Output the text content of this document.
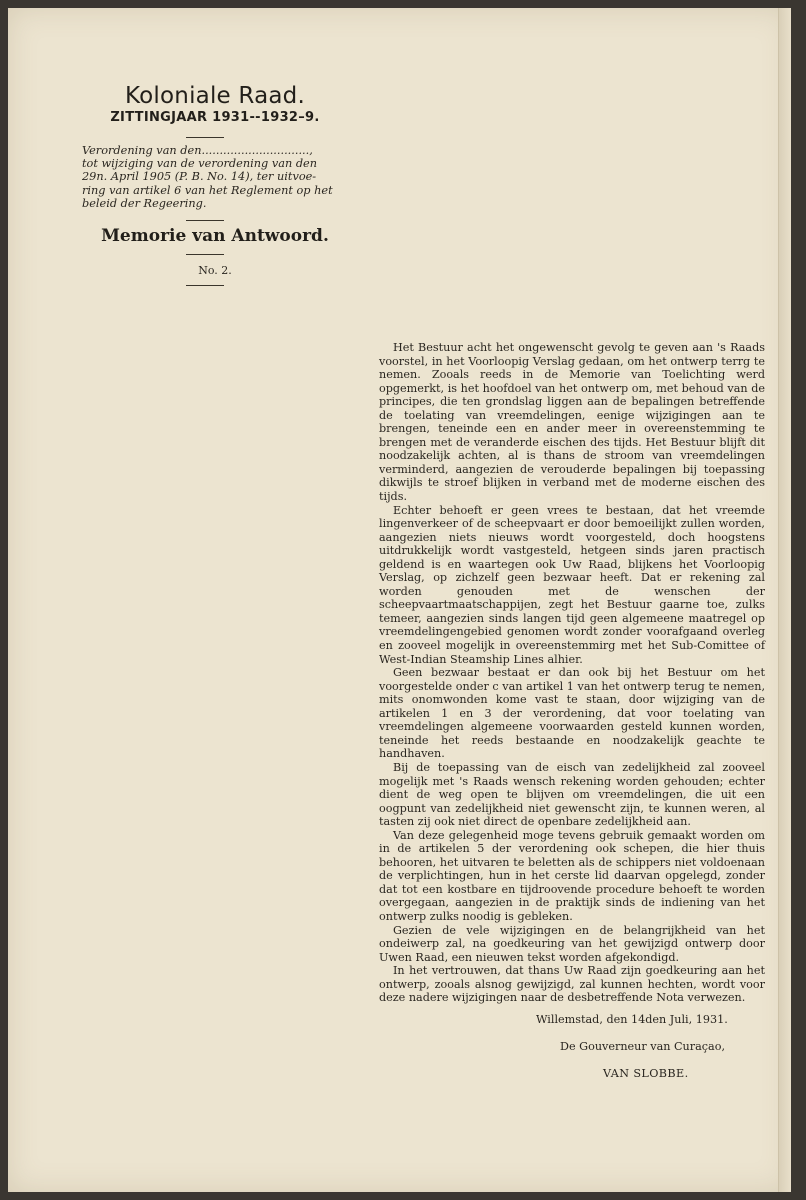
Koloniale Raad.
ZITTINGJAAR 1931--1932–9.
Verordening van den..............................,
tot wijziging van de verordening van den
29n. April 1905 (P. B. No. 14), ter uitvoe-
ring van artikel 6 van het Reglement op het
beleid der Regeering.
Memorie van Antwoord.
No. 2.

Het Bestuur acht het ongewenscht gevolg te geven aan 's Raads voorstel, in het Voorloopig Verslag gedaan, om het ontwerp terrg te nemen. Zooals reeds in de Memorie van Toelichting werd opgemerkt, is het hoofdoel van het ontwerp om, met behoud van de principes, die ten grondslag liggen aan de bepalingen betreffende de toelating van vreemdelingen, eenige wijzigingen aan te brengen, teneinde een en ander meer in overeenstemming te brengen met de veranderde eischen des tijds. Het Bestuur blijft dit noodzakelijk achten, al is thans de stroom van vreemdelingen verminderd, aangezien de verouderde bepalingen bij toepassing dikwijls te stroef blijken in verband met de moderne eischen des tijds.

Echter behoeft er geen vrees te bestaan, dat het vreemde lingenverkeer of de scheepvaart er door bemoeilijkt zullen worden, aangezien niets nieuws wordt voorgesteld, doch hoogstens uitdrukkelijk wordt vastgesteld, hetgeen sinds jaren practisch geldend is en waartegen ook Uw Raad, blijkens het Voorloopig Verslag, op zichzelf geen bezwaar heeft. Dat er rekening zal worden genouden met de wenschen der scheepvaartmaatschappijen, zegt het Bestuur gaarne toe, zulks temeer, aangezien sinds langen tijd geen algemeene maatregel op vreemdelingengebied genomen wordt zonder voorafgaand overleg en zooveel mogelijk in overeenstemmirg met het Sub-Comittee of West-Indian Steamship Lines alhier.

Geen bezwaar bestaat er dan ook bij het Bestuur om het voorgestelde onder c van artikel 1 van het ontwerp terug te nemen, mits onomwonden kome vast te staan, door wijziging van de artikelen 1 en 3 der verordening, dat voor toelating van vreemdelingen algemeene voorwaarden gesteld kunnen worden, teneinde het reeds bestaande en noodzakelijk geachte te handhaven.

Bij de toepassing van de eisch van zedelijkheid zal zooveel mogelijk met 's Raads wensch rekening worden gehouden; echter dient de weg open te blijven om vreemdelingen, die uit een oogpunt van zedelijkheid niet gewenscht zijn, te kunnen weren, al tasten zij ook niet direct de openbare zedelijkheid aan.

Van deze gelegenheid moge tevens gebruik gemaakt worden om in de artikelen 5 der verordening ook schepen, die hier thuis behooren, het uitvaren te beletten als de schippers niet voldoenaan de verplichtingen, hun in het cerste lid daarvan opgelegd, zonder dat tot een kostbare en tijdroovende procedure behoeft te worden overgegaan, aangezien in de praktijk sinds de indiening van het ontwerp zulks noodig is gebleken.

Gezien de vele wijzigingen en de belangrijkheid van het ondeiwerp zal, na goedkeuring van het gewijzigd ontwerp door Uwen Raad, een nieuwen tekst worden afgekondigd.

In het vertrouwen, dat thans Uw Raad zijn goedkeuring aan het ontwerp, zooals alsnog gewijzigd, zal kunnen hechten, wordt voor deze nadere wijzigingen naar de desbetreffende Nota verwezen.

Willemstad, den 14den Juli, 1931.
De Gouverneur van Curaçao,
VAN SLOBBE.
